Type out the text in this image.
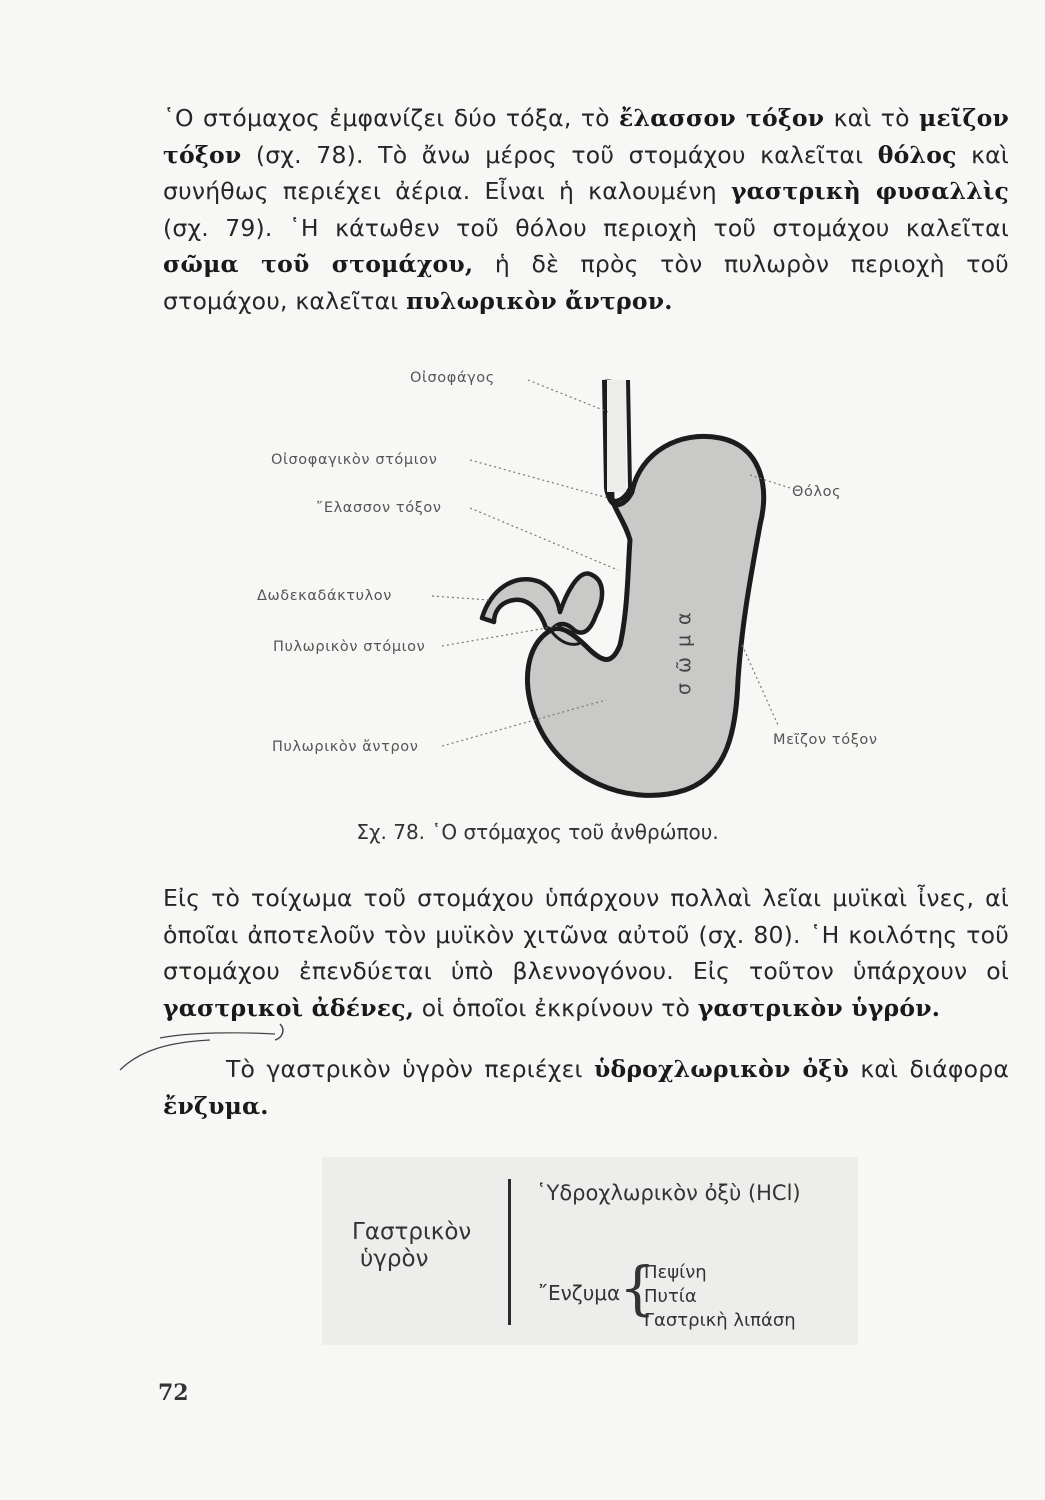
῾Ο στόμαχος ἐμφανίζει δύο τόξα, τὸ ἔλασσον τόξον καὶ τὸ μεῖζον τόξον (σχ. 78). Τὸ ἄνω μέρος τοῦ στομάχου καλεῖται θόλος καὶ συνήθως περιέχει ἀέρια. Εἶναι ἡ καλουμένη γαστρικὴ φυσαλλὶς (σχ. 79). ῾Η κάτωθεν τοῦ θόλου περιοχὴ τοῦ στομάχου καλεῖται σῶμα τοῦ στομάχου, ἡ δὲ πρὸς τὸν πυλωρὸν περιοχὴ τοῦ στομάχου, καλεῖται πυλωρικὸν ἄντρον.

Οἰσοφάγος
Οἰσοφαγικὸν στόμιον
῎Ελασσον τόξον
Θόλος
Δωδεκαδάκτυλον
Πυλωρικὸν στόμιον
Πυλωρικὸν ἄντρον	Μεῖζον τόξον
σῶμα
Σχ. 78. ῾Ο στόμαχος τοῦ ἀνθρώπου.

Εἰς τὸ τοίχωμα τοῦ στομάχου ὑπάρχουν πολλαὶ λεῖαι μυϊκαὶ ἶνες, αἱ ὁποῖαι ἀποτελοῦν τὸν μυϊκὸν χιτῶνα αὐτοῦ (σχ. 80). ῾Η κοιλότης τοῦ στομάχου ἐπενδύεται ὑπὸ βλεννογόνου. Εἰς τοῦτον ὑπάρχουν οἱ γαστρικοὶ ἀδένες, οἱ ὁποῖοι ἐκκρίνουν τὸ γαστρικὸν ὑγρόν.

Τὸ γαστρικὸν ὑγρὸν περιέχει ὑδροχλωρικὸν ὀξὺ καὶ διάφορα ἔνζυμα.

Γαστρικὸν
ὑγρὸν
῾Υδροχλωρικὸν ὀξὺ (HCl)
῎Ενζυμα
{
Πεψίνη
Πυτία
Γαστρικὴ λιπάση
72
